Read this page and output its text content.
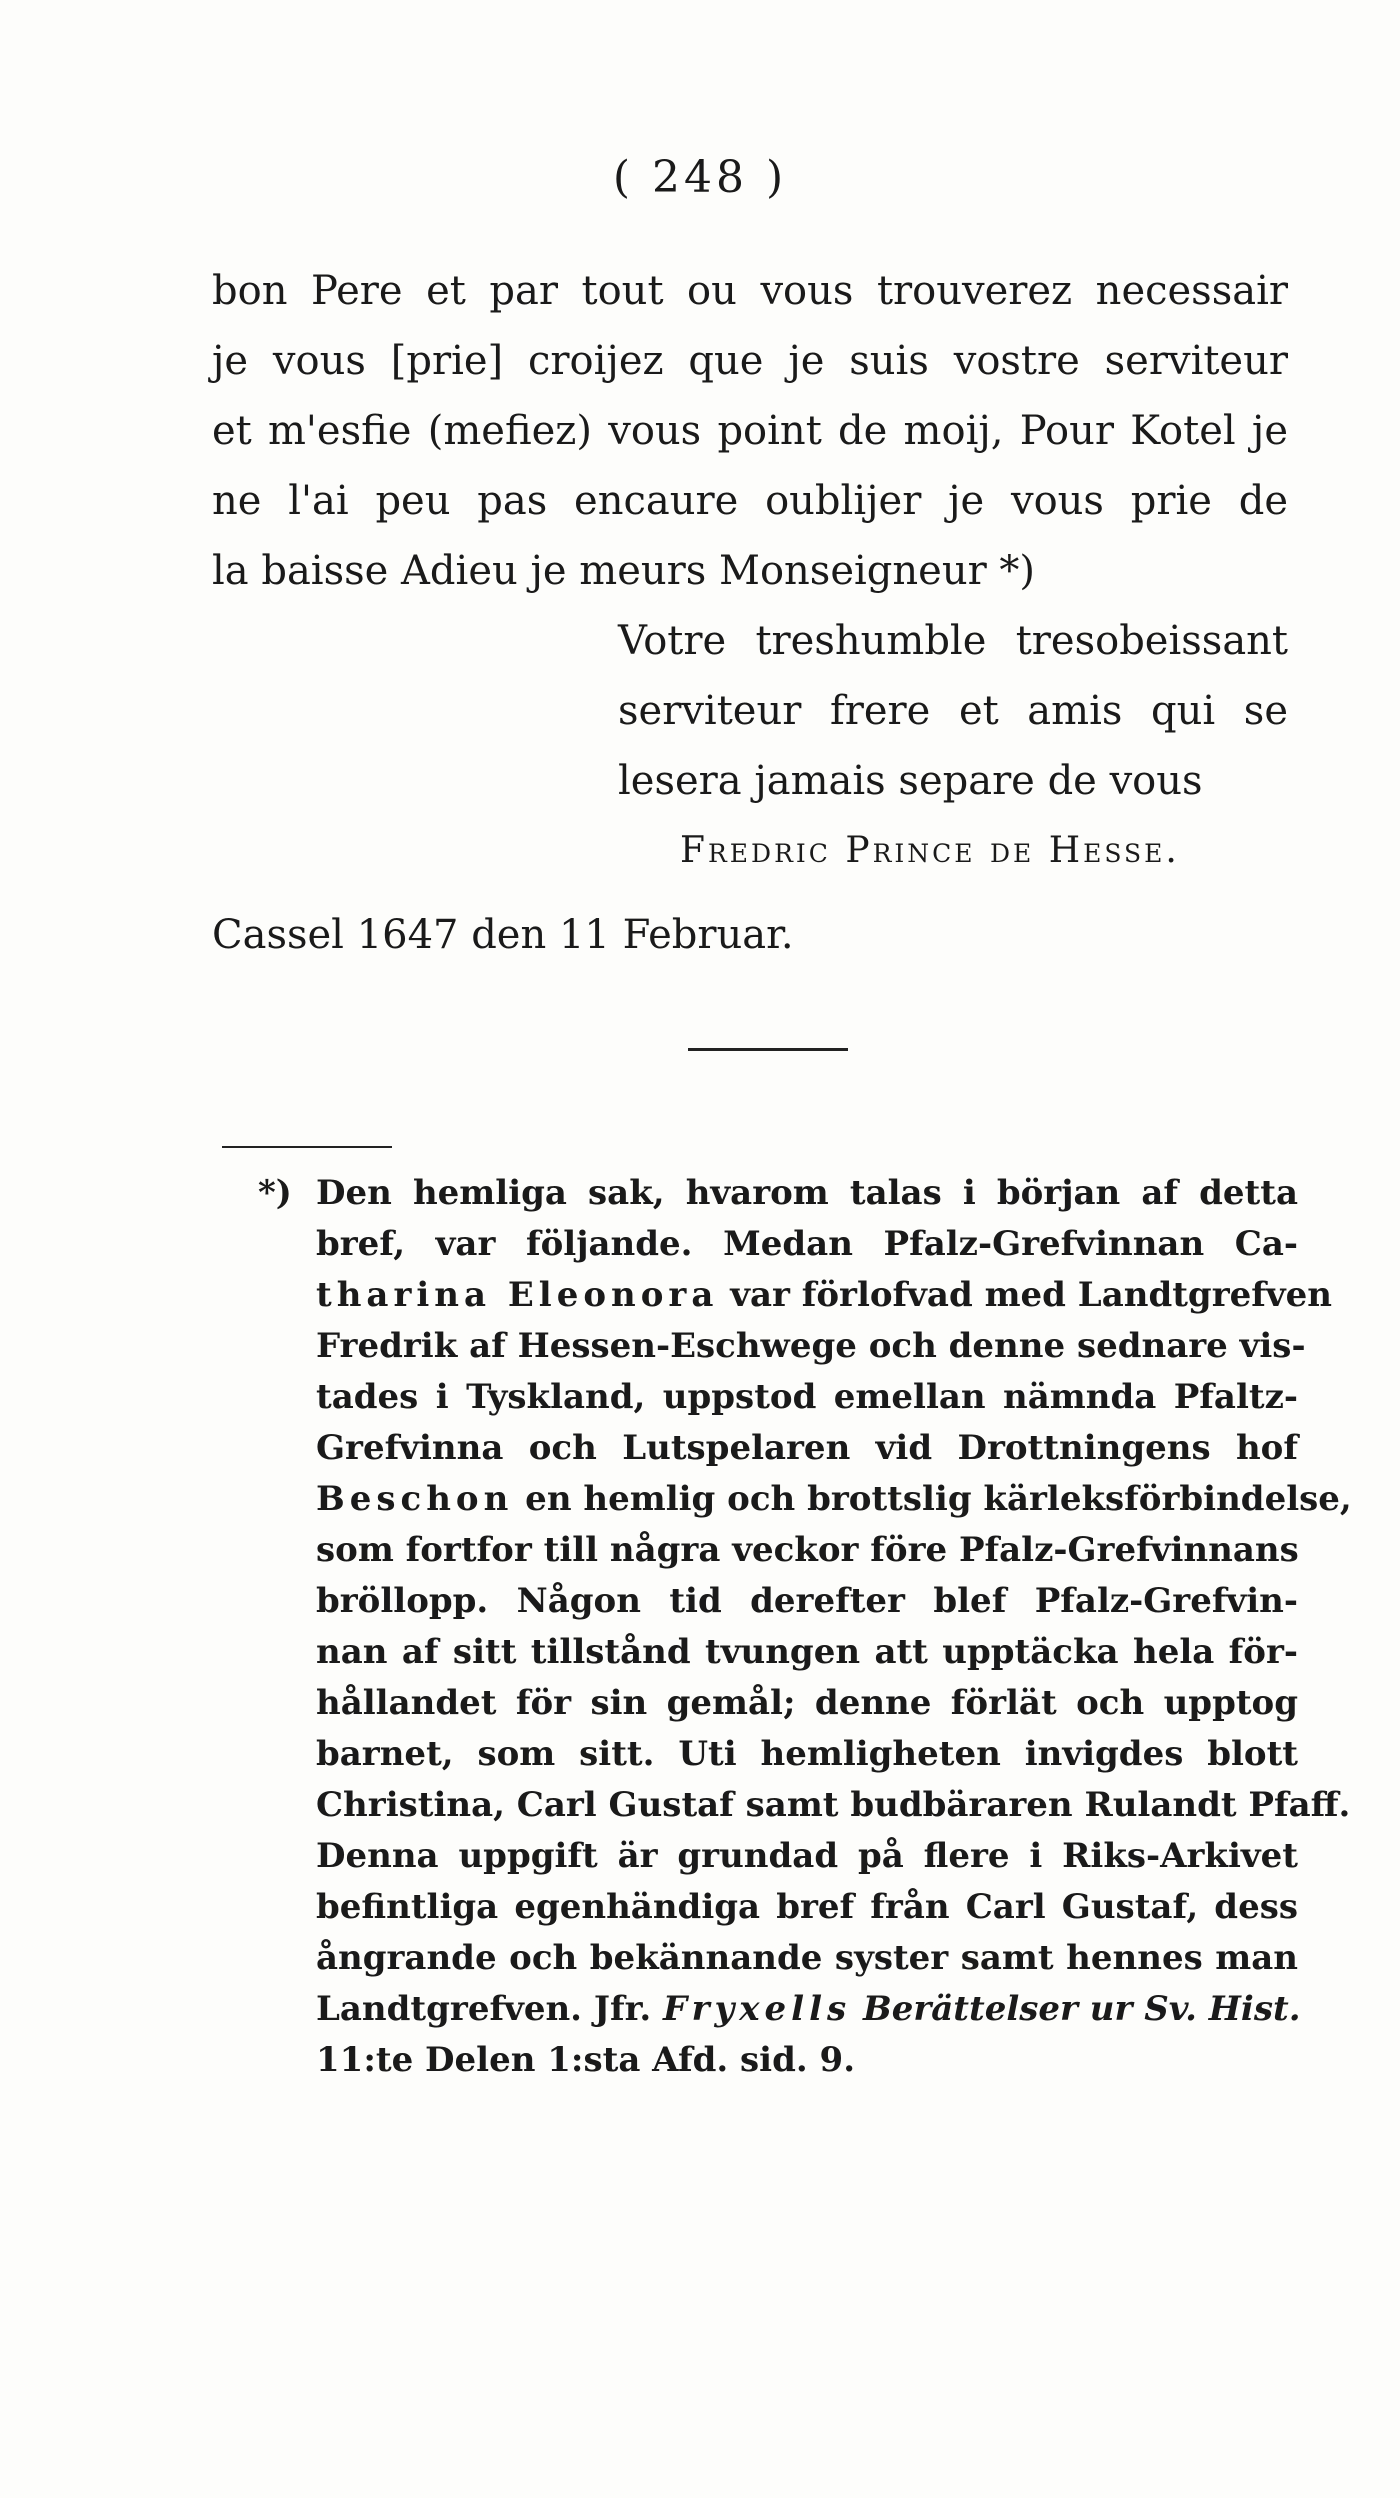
( 248 )
bon Pere et par tout ou vous trouverez necessair
je vous [prie] croijez que je suis vostre serviteur
et m'esfie (mefiez) vous point de moij, Pour Kotel je
ne l'ai peu pas encaure oublijer je vous prie de
la baisse Adieu je meurs Monseigneur *)
Votre treshumble tresobeissant
serviteur frere et amis qui se
lesera jamais separe de vous
Fredric Prince de Hesse.
Cassel 1647 den 11 Februar.
*) Den hemliga sak, hvarom talas i början af detta
bref, var följande. Medan Pfalz-Grefvinnan Ca-
tharina Eleonora var förlofvad med Landtgrefven
Fredrik af Hessen-Eschwege och denne sednare vis-
tades i Tyskland, uppstod emellan nämnda Pfaltz-
Grefvinna och Lutspelaren vid Drottningens hof
Beschon en hemlig och brottslig kärleksförbindelse,
som fortfor till några veckor före Pfalz-Grefvinnans
bröllopp. Någon tid derefter blef Pfalz-Grefvin-
nan af sitt tillstånd tvungen att upptäcka hela för-
hållandet för sin gemål; denne förlät och upptog
barnet, som sitt. Uti hemligheten invigdes blott
Christina, Carl Gustaf samt budbäraren Rulandt Pfaff.
Denna uppgift är grundad på flere i Riks-Arkivet
befintliga egenhändiga bref från Carl Gustaf, dess
ångrande och bekännande syster samt hennes man
Landtgrefven. Jfr. Fryxells Berättelser ur Sv. Hist.
11:te Delen 1:sta Afd. sid. 9.
